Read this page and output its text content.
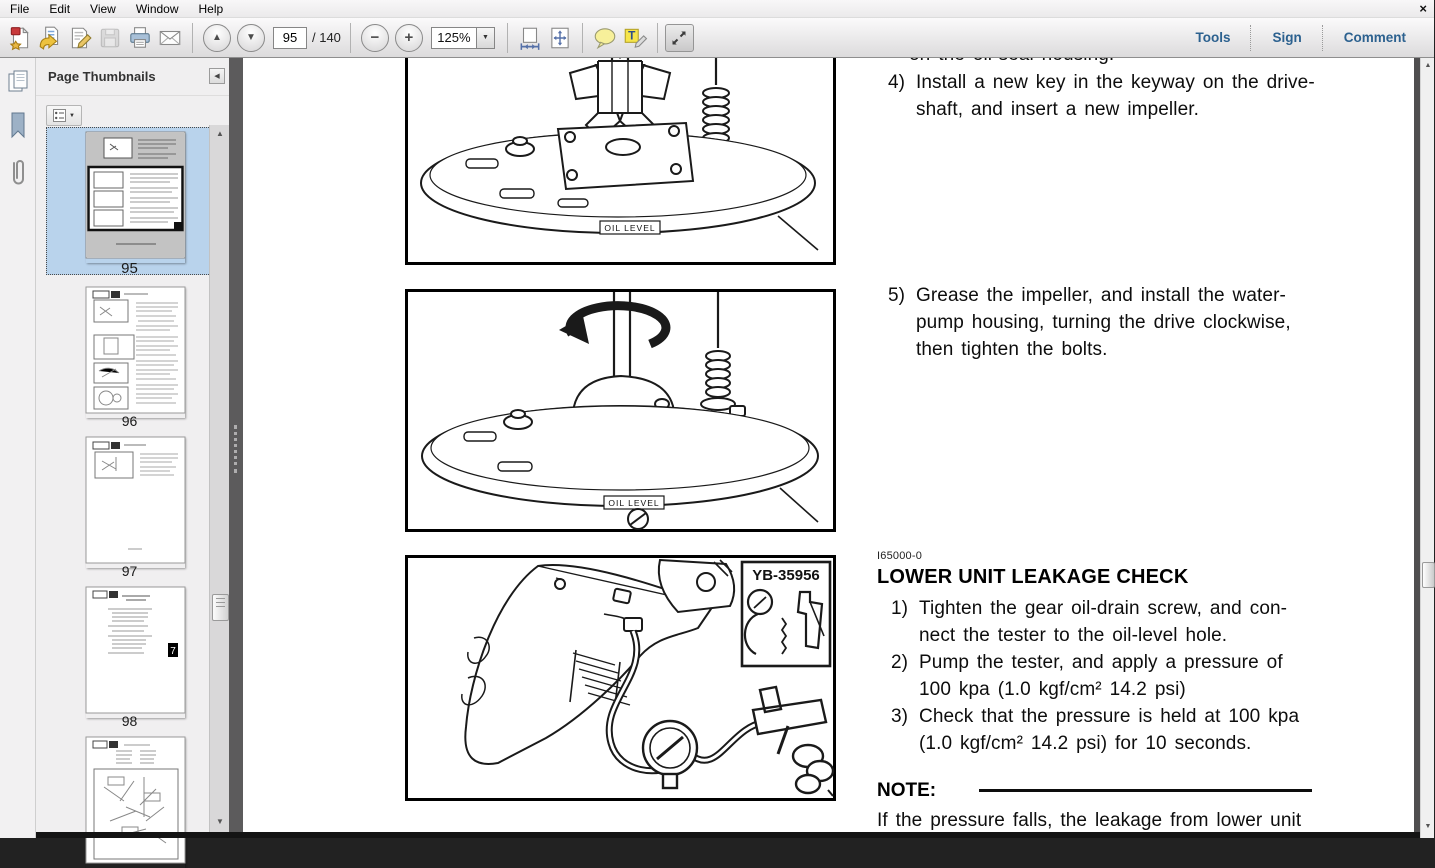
File	Edit	View	Window	Help	×
▲	▼
95	/ 140	−	+	125%	▼	T	Tools	Sign	Comment
Page Thumbnails	◀
▼
95
96
97
7
98
▲
▼
OIL LEVEL
OIL LEVEL
YB-35956
4) Install a new key in the keyway on the drive-
shaft, and insert a new impeller.
5) Grease the impeller, and install the water-
pump housing, turning the drive clockwise,
then tighten the bolts.
I65000-0
LOWER UNIT LEAKAGE CHECK
1) Tighten the gear oil-drain screw, and con-
nect the tester to the oil-level hole.
2) Pump the tester, and apply a pressure of
100 kpa (1.0 kgf/cm² 14.2 psi)
3) Check that the pressure is held at 100 kpa
(1.0 kgf/cm² 14.2 psi) for 10 seconds.
NOTE:
If the pressure falls, the leakage from lower unit
▲
▼
